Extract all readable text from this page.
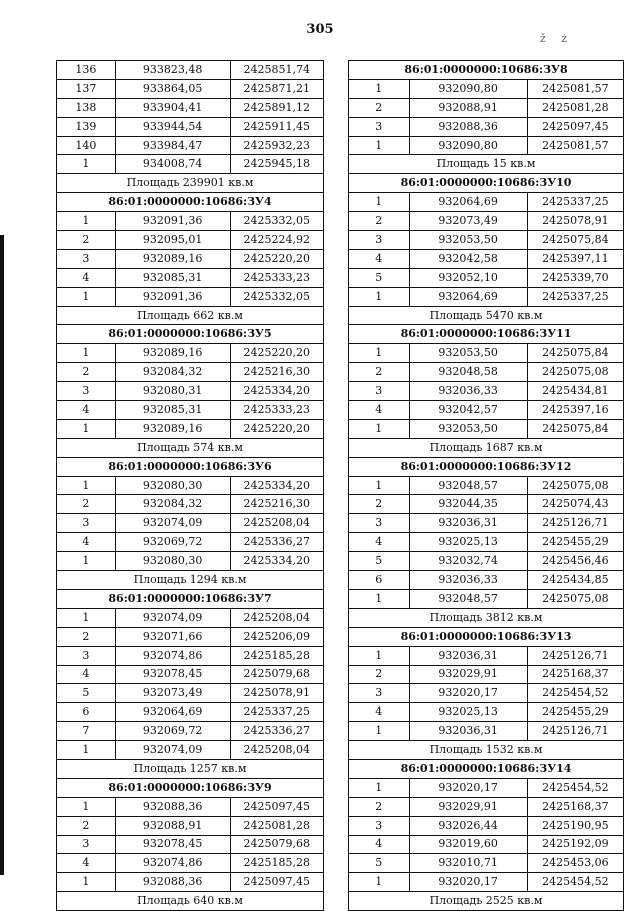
305
ž ż
136	933823,48	2425851,74
137	933864,05	2425871,21
138	933904,41	2425891,12
139	933944,54	2425911,45
140	933984,47	2425932,23
1	934008,74	2425945,18
Площадь 239901 кв.м		
86:01:0000000:10686:ЗУ4		
1	932091,36	2425332,05
2	932095,01	2425224,92
3	932089,16	2425220,20
4	932085,31	2425333,23
1	932091,36	2425332,05
Площадь 662 кв.м		
86:01:0000000:10686:ЗУ5		
1	932089,16	2425220,20
2	932084,32	2425216,30
3	932080,31	2425334,20
4	932085,31	2425333,23
1	932089,16	2425220,20
Площадь 574 кв.м		
86:01:0000000:10686:ЗУ6		
1	932080,30	2425334,20
2	932084,32	2425216,30
3	932074,09	2425208,04
4	932069,72	2425336,27
1	932080,30	2425334,20
Площадь 1294 кв.м		
86:01:0000000:10686:ЗУ7		
1	932074,09	2425208,04
2	932071,66	2425206,09
3	932074,86	2425185,28
4	932078,45	2425079,68
5	932073,49	2425078,91
6	932064,69	2425337,25
7	932069,72	2425336,27
1	932074,09	2425208,04
Площадь 1257 кв.м		
86:01:0000000:10686:ЗУ9		
1	932088,36	2425097,45
2	932088,91	2425081,28
3	932078,45	2425079,68
4	932074,86	2425185,28
1	932088,36	2425097,45
Площадь 640 кв.м		
86:01:0000000:10686:ЗУ8		
1	932090,80	2425081,57
2	932088,91	2425081,28
3	932088,36	2425097,45
1	932090,80	2425081,57
Площадь 15 кв.м		
86:01:0000000:10686:ЗУ10		
1	932064,69	2425337,25
2	932073,49	2425078,91
3	932053,50	2425075,84
4	932042,58	2425397,11
5	932052,10	2425339,70
1	932064,69	2425337,25
Площадь 5470 кв.м		
86:01:0000000:10686:ЗУ11		
1	932053,50	2425075,84
2	932048,58	2425075,08
3	932036,33	2425434,81
4	932042,57	2425397,16
1	932053,50	2425075,84
Площадь 1687 кв.м		
86:01:0000000:10686:ЗУ12		
1	932048,57	2425075,08
2	932044,35	2425074,43
3	932036,31	2425126,71
4	932025,13	2425455,29
5	932032,74	2425456,46
6	932036,33	2425434,85
1	932048,57	2425075,08
Площадь 3812 кв.м		
86:01:0000000:10686:ЗУ13		
1	932036,31	2425126,71
2	932029,91	2425168,37
3	932020,17	2425454,52
4	932025,13	2425455,29
1	932036,31	2425126,71
Площадь 1532 кв.м		
86:01:0000000:10686:ЗУ14		
1	932020,17	2425454,52
2	932029,91	2425168,37
3	932026,44	2425190,95
4	932019,60	2425192,09
5	932010,71	2425453,06
1	932020,17	2425454,52
Площадь 2525 кв.м		
